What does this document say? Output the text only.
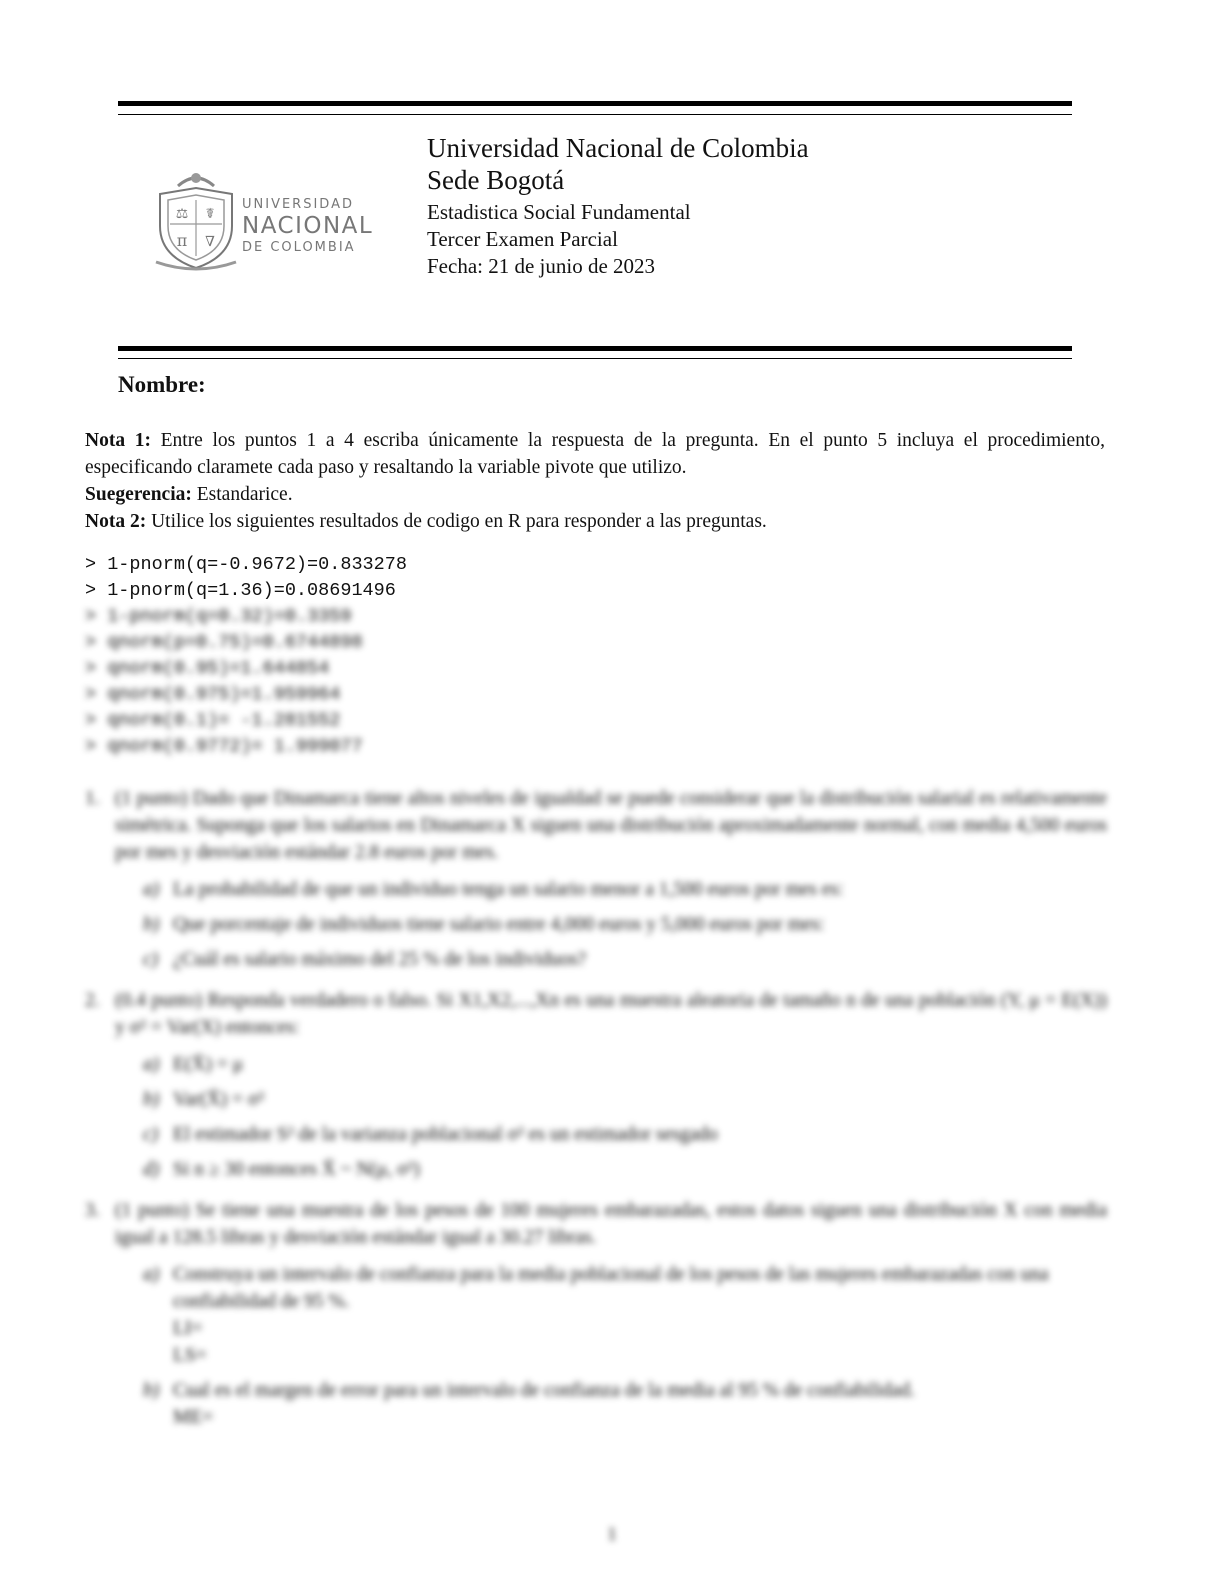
⚖ ☤
π ∇
UNIVERSIDAD
NACIONAL
DE COLOMBIA
Universidad Nacional de Colombia
Sede Bogotá
Estadistica Social Fundamental
Tercer Examen Parcial
Fecha: 21 de junio de 2023
Nombre:

Nota 1: Entre los puntos 1 a 4 escriba únicamente la respuesta de la pregunta. En el punto 5 incluya el procedimiento, especificando claramete cada paso y resaltando la variable pivote que utilizo.

Suegerencia: Estandarice.

Nota 2: Utilice los siguientes resultados de codigo en R para responder a las preguntas.

> 1-pnorm(q=-0.9672)=0.833278
> 1-pnorm(q=1.36)=0.08691496
> 1-pnorm(q=0.32)=0.3359
> qnorm(p=0.75)=0.6744898
> qnorm(0.95)=1.644854
> qnorm(0.975)=1.959964
> qnorm(0.1)= -1.281552
> qnorm(0.9772)= 1.999077
1. (1 punto) Dado que Dinamarca tiene altos niveles de igualdad se puede considerar que la distribución salarial es relativamente simétrica. Suponga que los salarios en Dinamarca X siguen una distribución aproximadamente normal, con media 4,500 euros por mes y desviación estándar 2.8 euros por mes.

a) La probabilidad de que un individuo tenga un salario menor a 1,500 euros por mes es:
b) Que porcentaje de individuos tiene salario entre 4,000 euros y 5,000 euros por mes:
c) ¿Cuál es salario máximo del 25 % de los individuos?
2. (0.4 punto) Responda verdadero o falso. Si X1,X2,...,Xn es una muestra aleatoria de tamaño n de una población (Y, μ = E(X)) y σ² = Var(X) entonces:

a) E(X̄) = μ
b) Var(X̄) = σ²
c) El estimador S² de la varianza poblacional σ² es un estimador sesgado
d) Si n ≥ 30 entonces X̄ ~ N(μ, σ²)
3. (1 punto) Se tiene una muestra de los pesos de 100 mujeres embarazadas, estos datos siguen una distribución X con media igual a 128.5 libras y desviación estándar igual a 30.27 libras.

a) Construya un intervalo de confianza para la media poblacional de los pesos de las mujeres embarazadas con una confiabilidad de 95 %.
LI=
LS=
b) Cual es el margen de error para un intervalo de confianza de la media al 95 % de confiabilidad.
ME=
1
